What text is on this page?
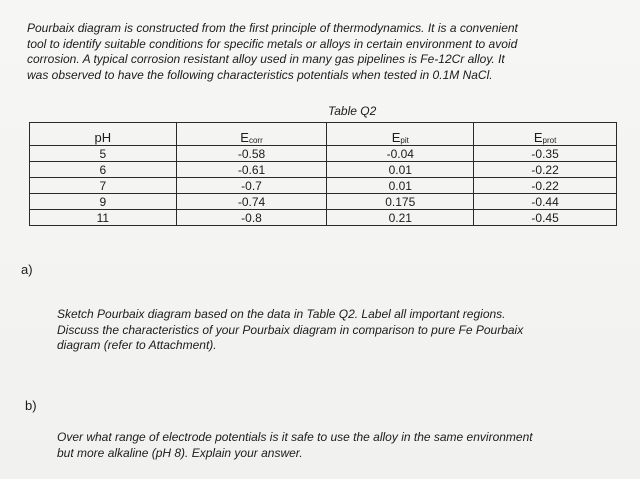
Pourbaix diagram is constructed from the first principle of thermodynamics. It is a convenient
tool to identify suitable conditions for specific metals or alloys in certain environment to avoid
corrosion. A typical corrosion resistant alloy used in many gas pipelines is Fe-12Cr alloy. It
was observed to have the following characteristics potentials when tested in 0.1M NaCl.
Table Q2
pH	Ecorr	Epit	Eprot
5	-0.58	-0.04	-0.35
6	-0.61	0.01	-0.22
7	-0.7	0.01	-0.22
9	-0.74	0.175	-0.44
11	-0.8	0.21	-0.45
a)
Sketch Pourbaix diagram based on the data in Table Q2. Label all important regions.
Discuss the characteristics of your Pourbaix diagram in comparison to pure Fe Pourbaix
diagram (refer to Attachment).
b)
Over what range of electrode potentials is it safe to use the alloy in the same environment
but more alkaline (pH 8). Explain your answer.
